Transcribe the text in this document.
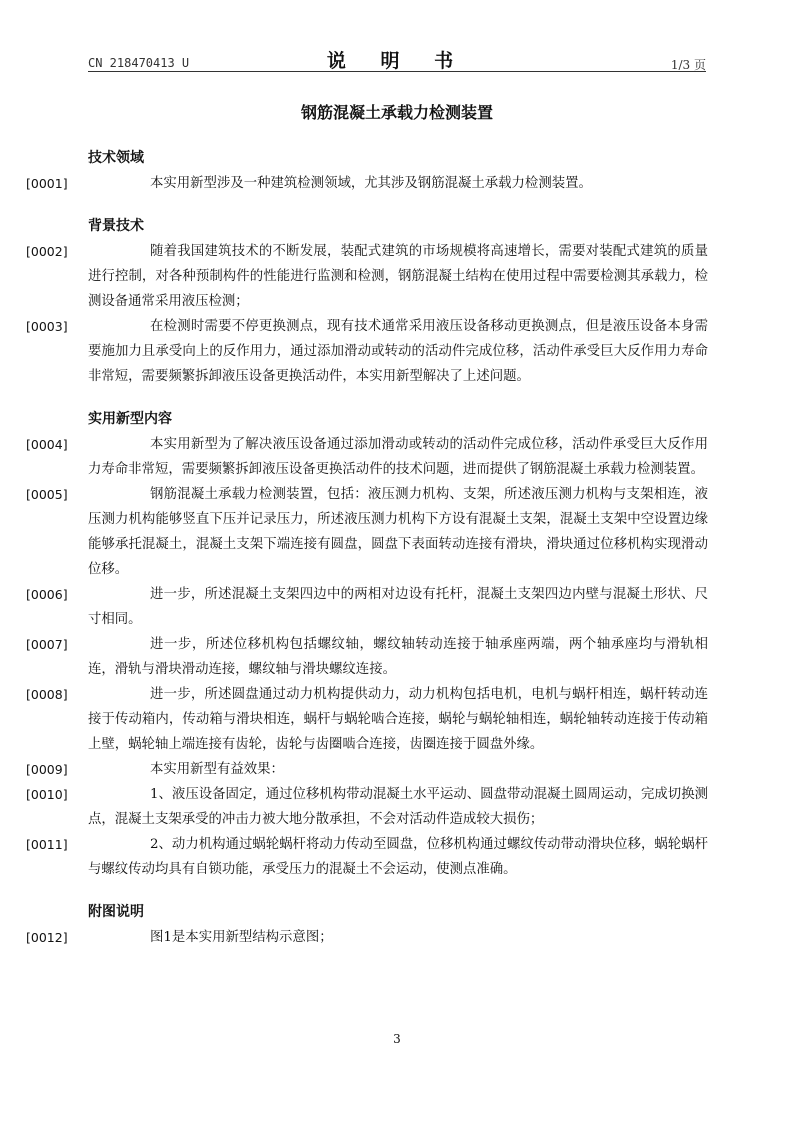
CN 218470413 U	说 明 书	1/3 页
钢筋混凝土承载力检测装置
技术领域
[0001]	本实用新型涉及一种建筑检测领域，尤其涉及钢筋混凝土承载力检测装置。
背景技术
[0002]	随着我国建筑技术的不断发展，装配式建筑的市场规模将高速增长，需要对装配式建筑的质量进行控制，对各种预制构件的性能进行监测和检测，钢筋混凝土结构在使用过程中需要检测其承载力，检测设备通常采用液压检测；
[0003]	在检测时需要不停更换测点，现有技术通常采用液压设备移动更换测点，但是液压设备本身需要施加力且承受向上的反作用力，通过添加滑动或转动的活动件完成位移，活动件承受巨大反作用力寿命非常短，需要频繁拆卸液压设备更换活动件，本实用新型解决了上述问题。
实用新型内容
[0004]	本实用新型为了解决液压设备通过添加滑动或转动的活动件完成位移，活动件承受巨大反作用力寿命非常短，需要频繁拆卸液压设备更换活动件的技术问题，进而提供了钢筋混凝土承载力检测装置。
[0005]	钢筋混凝土承载力检测装置，包括：液压测力机构、支架，所述液压测力机构与支架相连，液压测力机构能够竖直下压并记录压力，所述液压测力机构下方设有混凝土支架，混凝土支架中空设置边缘能够承托混凝土，混凝土支架下端连接有圆盘，圆盘下表面转动连接有滑块，滑块通过位移机构实现滑动位移。
[0006]	进一步，所述混凝土支架四边中的两相对边设有托杆，混凝土支架四边内壁与混凝土形状、尺寸相同。
[0007]	进一步，所述位移机构包括螺纹轴，螺纹轴转动连接于轴承座两端，两个轴承座均与滑轨相连，滑轨与滑块滑动连接，螺纹轴与滑块螺纹连接。
[0008]	进一步，所述圆盘通过动力机构提供动力，动力机构包括电机，电机与蜗杆相连，蜗杆转动连接于传动箱内，传动箱与滑块相连，蜗杆与蜗轮啮合连接，蜗轮与蜗轮轴相连，蜗轮轴转动连接于传动箱上壁，蜗轮轴上端连接有齿轮，齿轮与齿圈啮合连接，齿圈连接于圆盘外缘。
[0009]	本实用新型有益效果：
[0010]	1、液压设备固定，通过位移机构带动混凝土水平运动、圆盘带动混凝土圆周运动，完成切换测点，混凝土支架承受的冲击力被大地分散承担，不会对活动件造成较大损伤；
[0011]	2、动力机构通过蜗轮蜗杆将动力传动至圆盘，位移机构通过螺纹传动带动滑块位移，蜗轮蜗杆与螺纹传动均具有自锁功能，承受压力的混凝土不会运动，使测点准确。
附图说明
[0012]	图1是本实用新型结构示意图；
3
